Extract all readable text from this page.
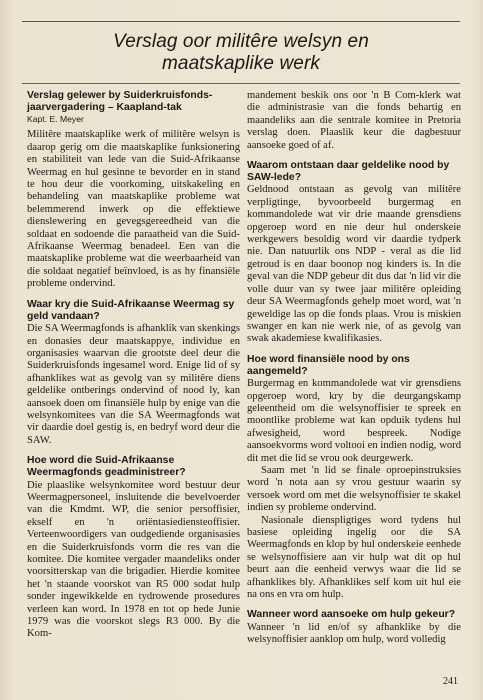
Verslag oor militêre welsyn en
maatskaplike werk

Verslag gelewer by Suiderkruisfonds-jaarvergadering – Kaapland-tak

Kapt. E. Meyer

Militêre maatskaplike werk of militêre welsyn is daarop gerig om die maatskaplike funksionering en stabiliteit van lede van die Suid-Afrikaanse Weermag en hul gesinne te bevorder en in stand te hou deur die voorkoming, uitskakeling en behandeling van maatskaplike probleme wat belemmerend inwerk op die effektiewe dienslewering en gevegsgereedheid van die soldaat en sodoende die paraatheid van die Suid-Afrikaanse Weermag benadeel. Een van die maatskaplike probleme wat die weerbaarheid van die soldaat negatief beïnvloed, is as hy finansiële probleme ondervind.

Waar kry die Suid-Afrikaanse Weermag sy geld vandaan?

Die SA Weermagfonds is afhanklik van skenkings en donasies deur maatskappye, individue en organisasies waarvan die grootste deel deur die Suiderkruisfonds ingesamel word. Enige lid of sy afhanklikes wat as gevolg van sy militêre diens geldelike ontberings ondervind of nood ly, kan aansoek doen om finansiële hulp by enige van die welsynkomitees van die SA Weermagfonds wat vir daardie doel gestig is, en bedryf word deur die SAW.

Hoe word die Suid-Afrikaanse Weermagfonds geadministreer?

Die plaaslike welsynkomitee word bestuur deur Weermagpersoneel, insluitende die bevelvoerder van die Kmdmt. WP, die senior persoffisier, ekself en 'n oriëntasiediensteoffisier. Verteenwoordigers van oudgediende organisasies en die Suiderkruisfonds vorm die res van die komitee. Die komitee vergader maandeliks onder voorsitterskap van die brigadier. Hierdie komitee het 'n staande voorskot van R5 000 sodat hulp sonder ingewikkelde en tydrowende prosedures verleen kan word. In 1978 en tot op hede Junie 1979 was die voorskot slegs R3 000. By die Kom-

mandement beskik ons oor 'n B Com-klerk wat die administrasie van die fonds behartig en maandeliks aan die sentrale komitee in Pretoria verslag doen. Plaaslik keur die dagbestuur aansoeke goed of af.

Waarom ontstaan daar geldelike nood by SAW-lede?

Geldnood ontstaan as gevolg van militêre verpligtinge, byvoorbeeld burgermag en kommandolede wat vir drie maande grensdiens opgeroep word en nie deur hul onderskeie werkgewers besoldig word vir daardie tydperk nie. Dan natuurlik ons NDP - veral as die lid getroud is en daar boonop nog kinders is. In die geval van die NDP gebeur dit dus dat 'n lid vir die volle duur van sy twee jaar militêre opleiding deur SA Weermagfonds gehelp moet word, wat 'n geweldige las op die fonds plaas. Vrou is miskien swanger en kan nie werk nie, of as gevolg van swak akademiese kwalifikasies.

Hoe word finansiële nood by ons aangemeld?

Burgermag en kommandolede wat vir grensdiens opgeroep word, kry by die deurgangskamp geleentheid om die welsynoffisier te spreek en moontlike probleme wat kan opduik tydens hul afwesigheid, word bespreek. Nodige aansoekvorms word voltooi en indien nodig, word dit met die lid se vrou ook deurgewerk.

Saam met 'n lid se finale oproepinstruksies word 'n nota aan sy vrou gestuur waarin sy versoek word om met die welsynoffisier te skakel indien sy probleme ondervind.

Nasionale dienspligtiges word tydens hul basiese opleiding ingelig oor die SA Weermagfonds en klop by hul onderskeie eenhede se welsynoffisiere aan vir hulp wat dit op hul beurt aan die eenheid verwys waar die lid se afhanklikes bly. Afhanklikes self kom uit hul eie na ons en vra om hulp.

Wanneer word aansoeke om hulp gekeur?

Wanneer 'n lid en/of sy afhanklike by die welsynoffisier aanklop om hulp, word volledig

241
